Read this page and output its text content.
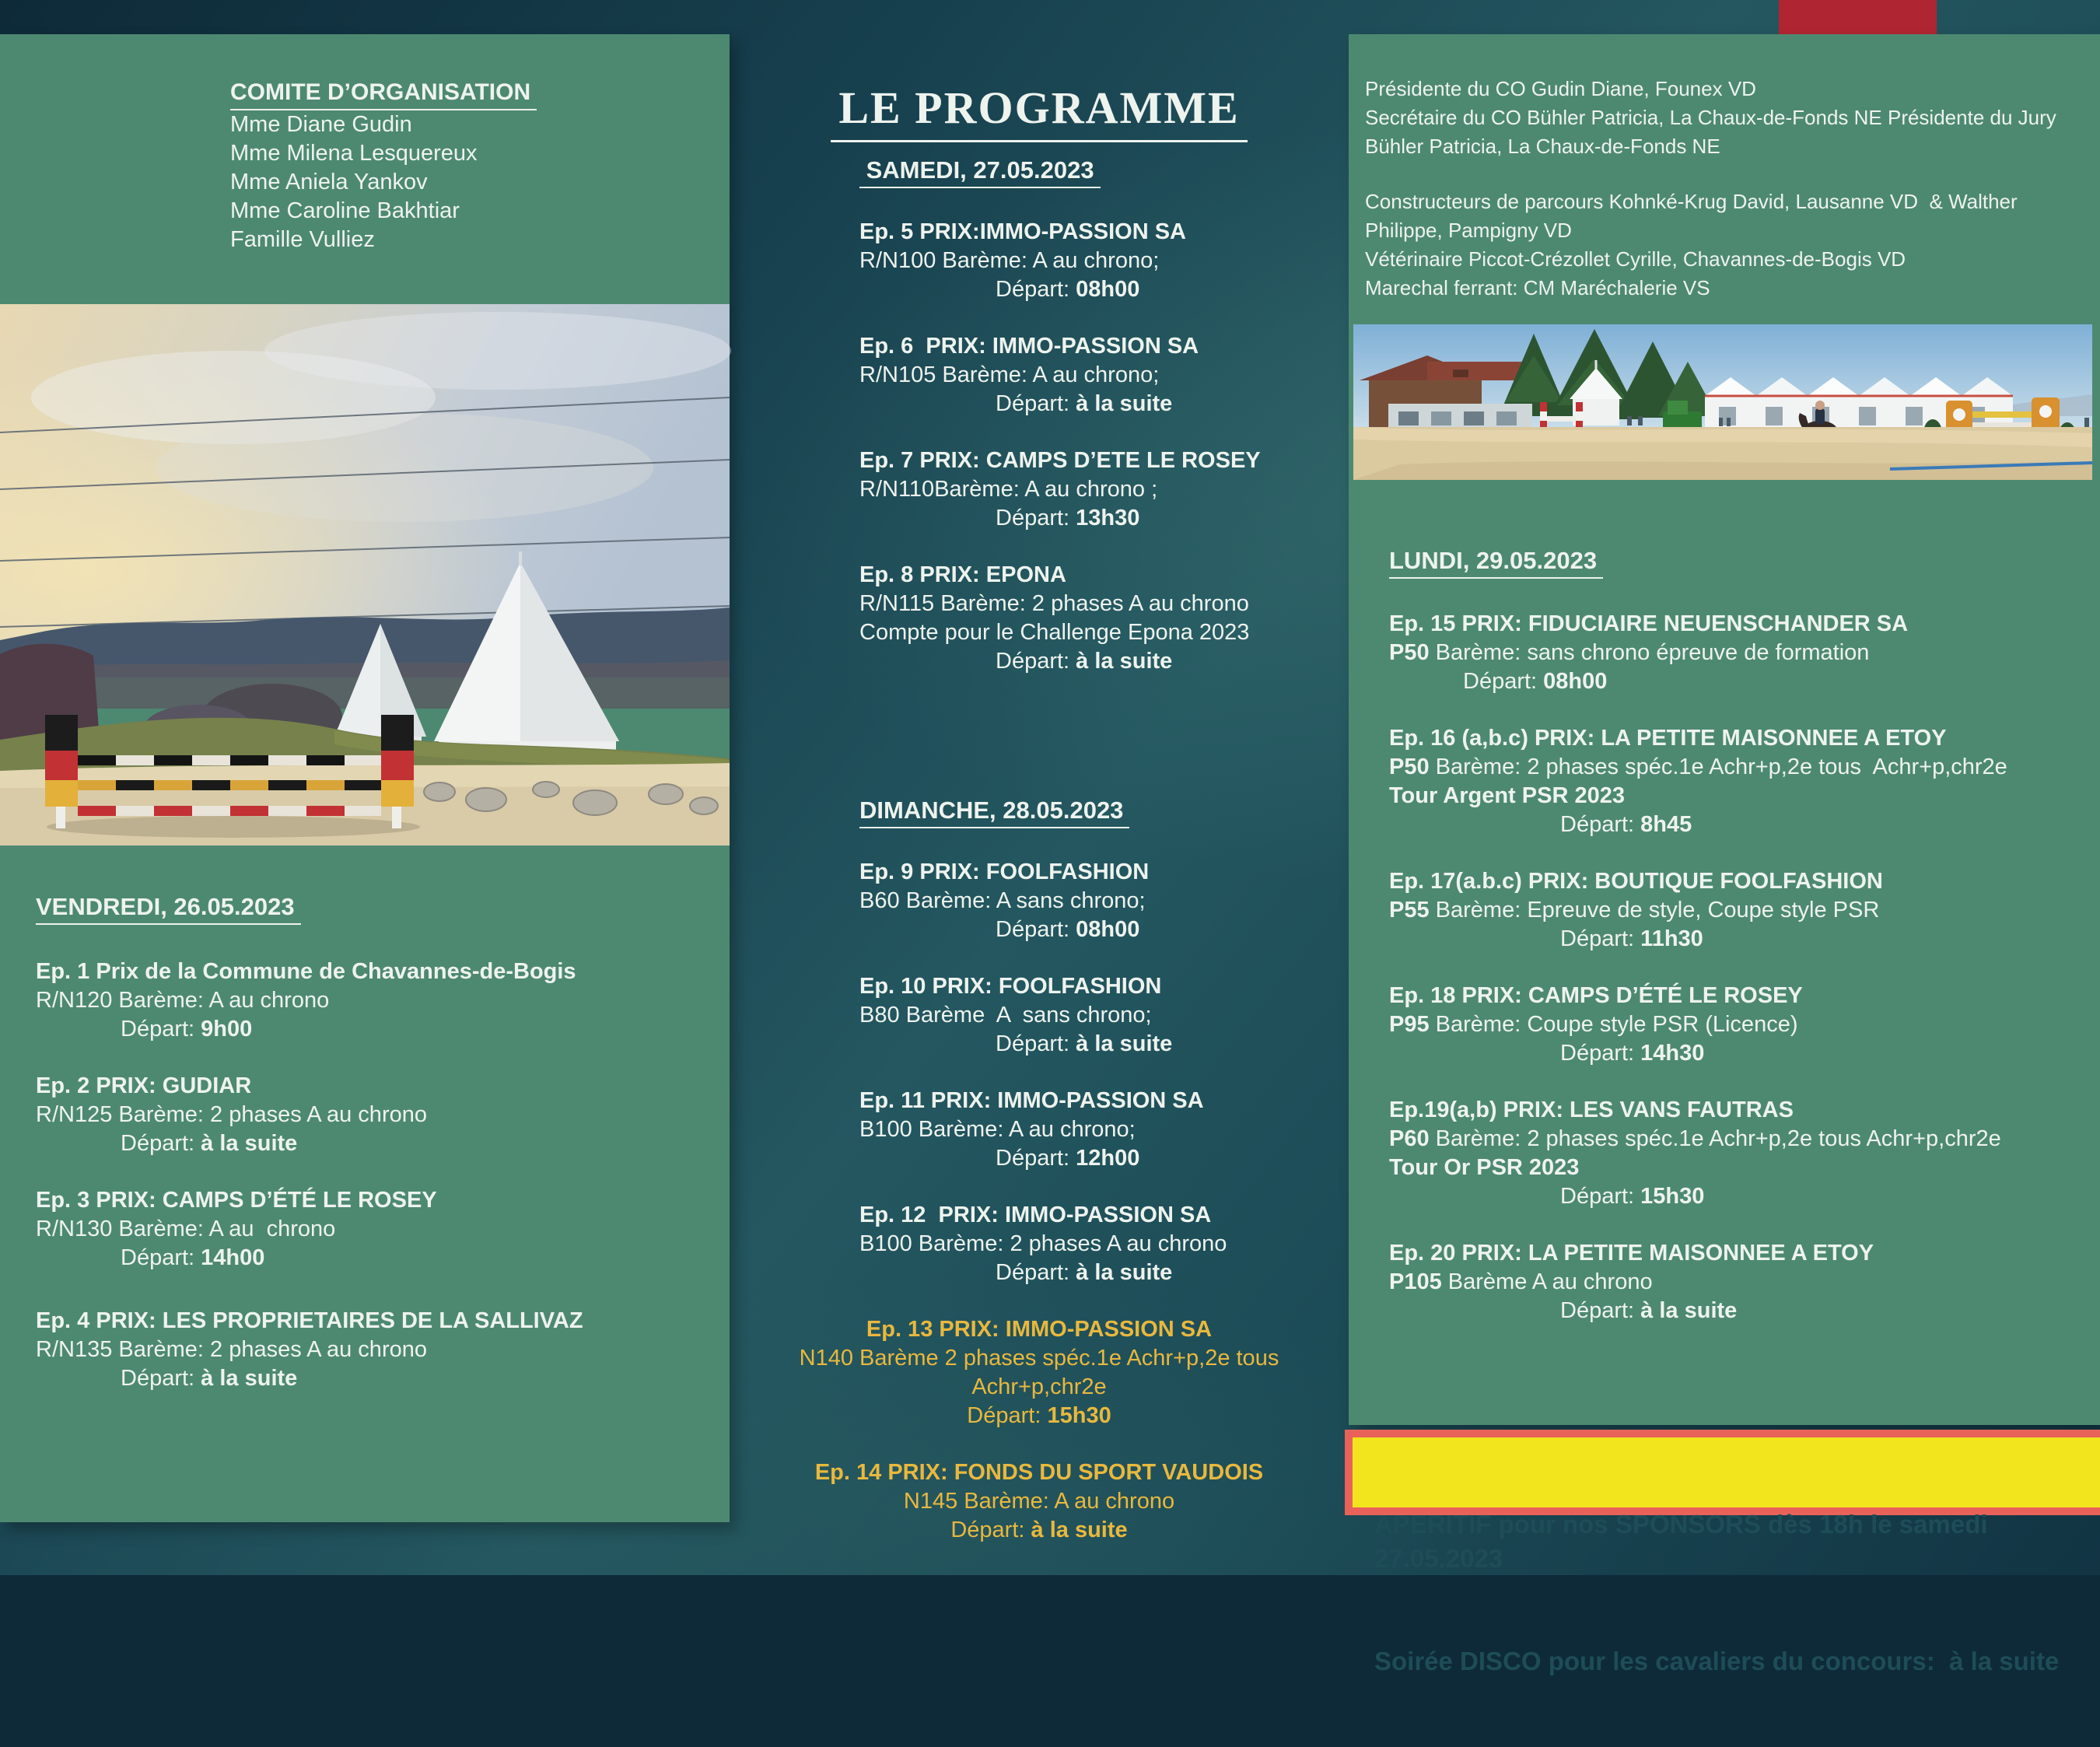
COMITE D’ORGANISATION
Mme Diane Gudin
Mme Milena Lesquereux
Mme Aniela Yankov
Mme Caroline Bakhtiar
Famille Vulliez
VENDREDI, 26.05.2023
Ep. 1 Prix de la Commune de Chavannes-de-Bogis
R/N120 Barème: A au chrono
Départ: 9h00
Ep. 2 PRIX: GUDIAR
R/N125 Barème: 2 phases A au chrono
Départ: à la suite
Ep. 3 PRIX: CAMPS D’ÉTÉ LE ROSEY
R/N130 Barème: A au  chrono
Départ: 14h00
Ep. 4 PRIX: LES PROPRIETAIRES DE LA SALLIVAZ
R/N135 Barème: 2 phases A au chrono
Départ: à la suite
LE PROGRAMME
SAMEDI, 27.05.2023
Ep. 5 PRIX:IMMO-PASSION SA
R/N100 Barème: A au chrono;
Départ: 08h00
Ep. 6  PRIX: IMMO-PASSION SA
R/N105 Barème: A au chrono;
Départ: à la suite
Ep. 7 PRIX: CAMPS D’ETE LE ROSEY
R/N110Barème: A au chrono ;
Départ: 13h30
Ep. 8 PRIX: EPONA
R/N115 Barème: 2 phases A au chrono
Compte pour le Challenge Epona 2023
Départ: à la suite
DIMANCHE, 28.05.2023
Ep. 9 PRIX: FOOLFASHION
B60 Barème: A sans chrono;
Départ: 08h00
Ep. 10 PRIX: FOOLFASHION
B80 Barème  A  sans chrono;
Départ: à la suite
Ep. 11 PRIX: IMMO-PASSION SA
B100 Barème: A au chrono;
Départ: 12h00
Ep. 12  PRIX: IMMO-PASSION SA
B100 Barème: 2 phases A au chrono
Départ: à la suite
Ep. 13 PRIX: IMMO-PASSION SA
N140 Barème 2 phases spéc.1e Achr+p,2e tous
Achr+p,chr2e
Départ: 15h30
Ep. 14 PRIX: FONDS DU SPORT VAUDOIS
N145 Barème: A au chrono
Départ: à la suite
Présidente du CO Gudin Diane, Founex VD
Secrétaire du CO Bühler Patricia, La Chaux-de-Fonds NE Présidente du Jury
Bühler Patricia, La Chaux-de-Fonds NE
Constructeurs de parcours Kohnké-Krug David, Lausanne VD  & Walther
Philippe, Pampigny VD
Vétérinaire Piccot-Crézollet Cyrille, Chavannes-de-Bogis VD
Marechal ferrant: CM Maréchalerie VS
LUNDI, 29.05.2023
Ep. 15 PRIX: FIDUCIAIRE NEUENSCHANDER SA
P50 Barème: sans chrono épreuve de formation
Départ: 08h00
Ep. 16 (a,b.c) PRIX: LA PETITE MAISONNEE A ETOY
P50 Barème: 2 phases spéc.1e Achr+p,2e tous  Achr+p,chr2e
Tour Argent PSR 2023
Départ: 8h45
Ep. 17(a.b.c) PRIX: BOUTIQUE FOOLFASHION
P55 Barème: Epreuve de style, Coupe style PSR
Départ: 11h30
Ep. 18 PRIX: CAMPS D’ÉTÉ LE ROSEY
P95 Barème: Coupe style PSR (Licence)
Départ: 14h30
Ep.19(a,b) PRIX: LES VANS FAUTRAS
P60 Barème: 2 phases spéc.1e Achr+p,2e tous Achr+p,chr2e
Tour Or PSR 2023
Départ: 15h30
Ep. 20 PRIX: LA PETITE MAISONNEE A ETOY
P105 Barème A au chrono
Départ: à la suite

APERITIF pour nos SPONSORS dès 18h le samedi 27.05.2023

Soirée DISCO pour les cavaliers du concours:  à la suite
